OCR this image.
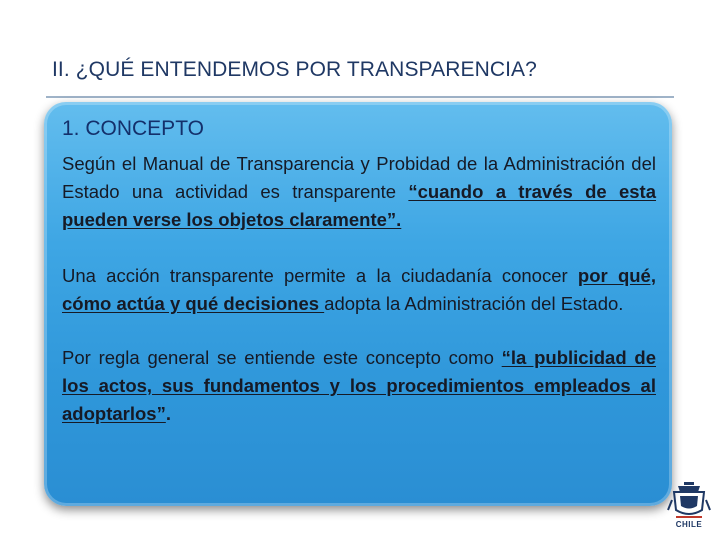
II. ¿QUÉ ENTENDEMOS POR TRANSPARENCIA?
1. CONCEPTO

Según el Manual de Transparencia y Probidad de la Administración del Estado una actividad es transparente “cuando a través de esta pueden verse los objetos claramente”.

Una acción transparente permite a la ciudadanía conocer por qué, cómo actúa y qué decisiones adopta la Administración del Estado.

Por regla general se entiende este concepto como “la publicidad de los actos, sus fundamentos y los procedimientos empleados al adoptarlos”.

CHILE
